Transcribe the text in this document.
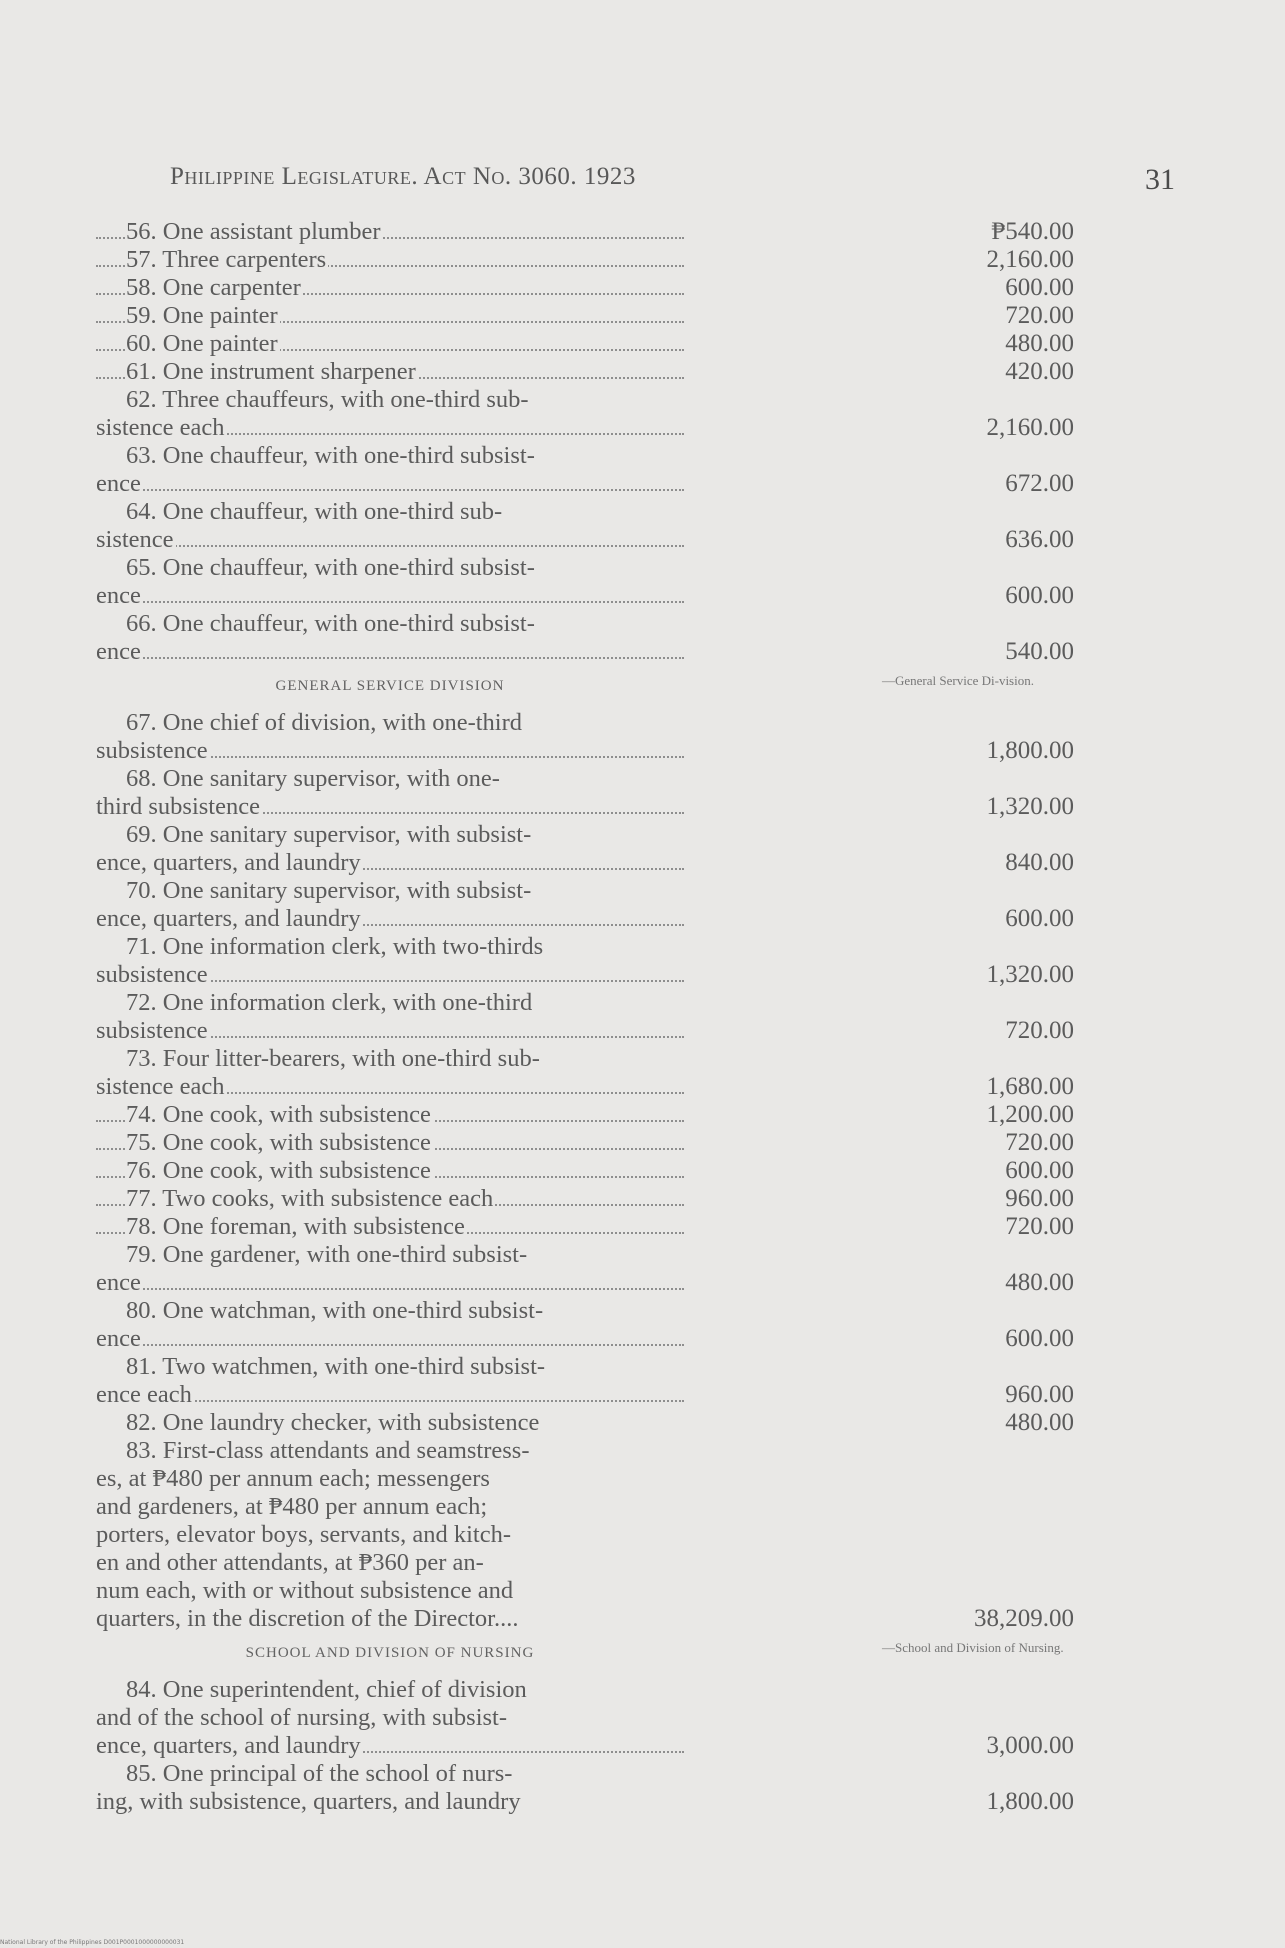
Philippine Legislature. Act No. 3060. 1923	31
56. One assistant plumber	₱540.00
57. Three carpenters	2,160.00
58. One carpenter	600.00
59. One painter	720.00
60. One painter	480.00
61. One instrument sharpener	420.00
62. Three chauffeurs, with one-third sub-
sistence each	2,160.00
63. One chauffeur, with one-third subsist-
ence	672.00
64. One chauffeur, with one-third sub-
sistence	636.00
65. One chauffeur, with one-third subsist-
ence	600.00
66. One chauffeur, with one-third subsist-
ence	540.00
GENERAL SERVICE DIVISION	—General Service Di-vision.
67. One chief of division, with one-third
subsistence	1,800.00
68. One sanitary supervisor, with one-
third subsistence	1,320.00
69. One sanitary supervisor, with subsist-
ence, quarters, and laundry	840.00
70. One sanitary supervisor, with subsist-
ence, quarters, and laundry	600.00
71. One information clerk, with two-thirds
subsistence	1,320.00
72. One information clerk, with one-third
subsistence	720.00
73. Four litter-bearers, with one-third sub-
sistence each	1,680.00
74. One cook, with subsistence	1,200.00
75. One cook, with subsistence	720.00
76. One cook, with subsistence	600.00
77. Two cooks, with subsistence each	960.00
78. One foreman, with subsistence	720.00
79. One gardener, with one-third subsist-
ence	480.00
80. One watchman, with one-third subsist-
ence	600.00
81. Two watchmen, with one-third subsist-
ence each	960.00
82. One laundry checker, with subsistence	480.00
83. First-class attendants and seamstress-
es, at ₱480 per annum each; messengers
and gardeners, at ₱480 per annum each;
porters, elevator boys, servants, and kitch-
en and other attendants, at ₱360 per an-
num each, with or without subsistence and
quarters, in the discretion of the Director....	38,209.00
SCHOOL AND DIVISION OF NURSING	—School and Division of Nursing.
84. One superintendent, chief of division
and of the school of nursing, with subsist-
ence, quarters, and laundry	3,000.00
85. One principal of the school of nurs-
ing, with subsistence, quarters, and laundry	1,800.00
National Library of the Philippines D001P0001000000000031
